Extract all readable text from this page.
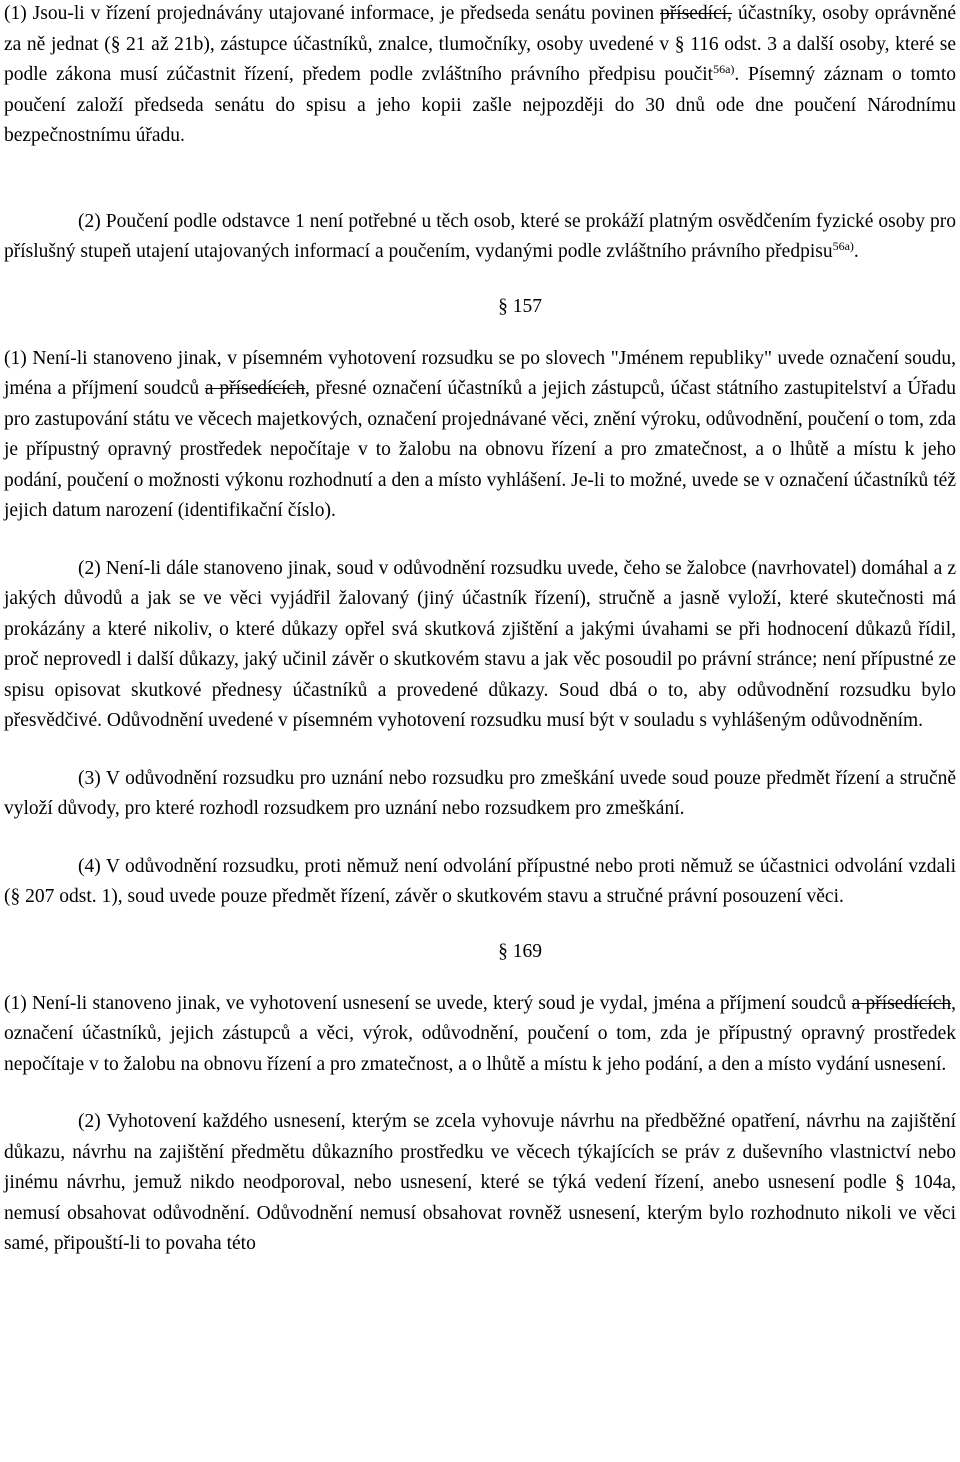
(1) Jsou-li v řízení projednávány utajované informace, je předseda senátu povinen přísedící, účastníky, osoby oprávněné za ně jednat (§ 21 až 21b), zástupce účastníků, znalce, tlumočníky, osoby uvedené v § 116 odst. 3 a další osoby, které se podle zákona musí zúčastnit řízení, předem podle zvláštního právního předpisu poučit$^{56a)}$. Písemný záznam o tomto poučení založí předseda senátu do spisu a jeho kopii zašle nejpozději do 30 dnů ode dne poučení Národnímu bezpečnostnímu úřadu.

(2) Poučení podle odstavce 1 není potřebné u těch osob, které se prokáží platným osvědčením fyzické osoby pro příslušný stupeň utajení utajovaných informací a poučením, vydanými podle zvláštního právního předpisu$^{56a)}$.

§ 157

(1) Není-li stanoveno jinak, v písemném vyhotovení rozsudku se po slovech "Jménem republiky" uvede označení soudu, jména a příjmení soudců a přísedících, přesné označení účastníků a jejich zástupců, účast státního zastupitelství a Úřadu pro zastupování státu ve věcech majetkových, označení projednávané věci, znění výroku, odůvodnění, poučení o tom, zda je přípustný opravný prostředek nepočítaje v to žalobu na obnovu řízení a pro zmatečnost, a o lhůtě a místu k jeho podání, poučení o možnosti výkonu rozhodnutí a den a místo vyhlášení. Je-li to možné, uvede se v označení účastníků též jejich datum narození (identifikační číslo).

(2) Není-li dále stanoveno jinak, soud v odůvodnění rozsudku uvede, čeho se žalobce (navrhovatel) domáhal a z jakých důvodů a jak se ve věci vyjádřil žalovaný (jiný účastník řízení), stručně a jasně vyloží, které skutečnosti má prokázány a které nikoliv, o které důkazy opřel svá skutková zjištění a jakými úvahami se při hodnocení důkazů řídil, proč neprovedl i další důkazy, jaký učinil závěr o skutkovém stavu a jak věc posoudil po právní stránce; není přípustné ze spisu opisovat skutkové přednesy účastníků a provedené důkazy. Soud dbá o to, aby odůvodnění rozsudku bylo přesvědčivé. Odůvodnění uvedené v písemném vyhotovení rozsudku musí být v souladu s vyhlášeným odůvodněním.

(3) V odůvodnění rozsudku pro uznání nebo rozsudku pro zmeškání uvede soud pouze předmět řízení a stručně vyloží důvody, pro které rozhodl rozsudkem pro uznání nebo rozsudkem pro zmeškání.

(4) V odůvodnění rozsudku, proti němuž není odvolání přípustné nebo proti němuž se účastnici odvolání vzdali (§ 207 odst. 1), soud uvede pouze předmět řízení, závěr o skutkovém stavu a stručné právní posouzení věci.

§ 169

(1) Není-li stanoveno jinak, ve vyhotovení usnesení se uvede, který soud je vydal, jména a příjmení soudců a přísedících, označení účastníků, jejich zástupců a věci, výrok, odůvodnění, poučení o tom, zda je přípustný opravný prostředek nepočítaje v to žalobu na obnovu řízení a pro zmatečnost, a o lhůtě a místu k jeho podání, a den a místo vydání usnesení.

(2) Vyhotovení každého usnesení, kterým se zcela vyhovuje návrhu na předběžné opatření, návrhu na zajištění důkazu, návrhu na zajištění předmětu důkazního prostředku ve věcech týkajících se práv z duševního vlastnictví nebo jinému návrhu, jemuž nikdo neodporoval, nebo usnesení, které se týká vedení řízení, anebo usnesení podle § 104a, nemusí obsahovat odůvodnění. Odůvodnění nemusí obsahovat rovněž usnesení, kterým bylo rozhodnuto nikoli ve věci samé, připouští-li to povaha této
